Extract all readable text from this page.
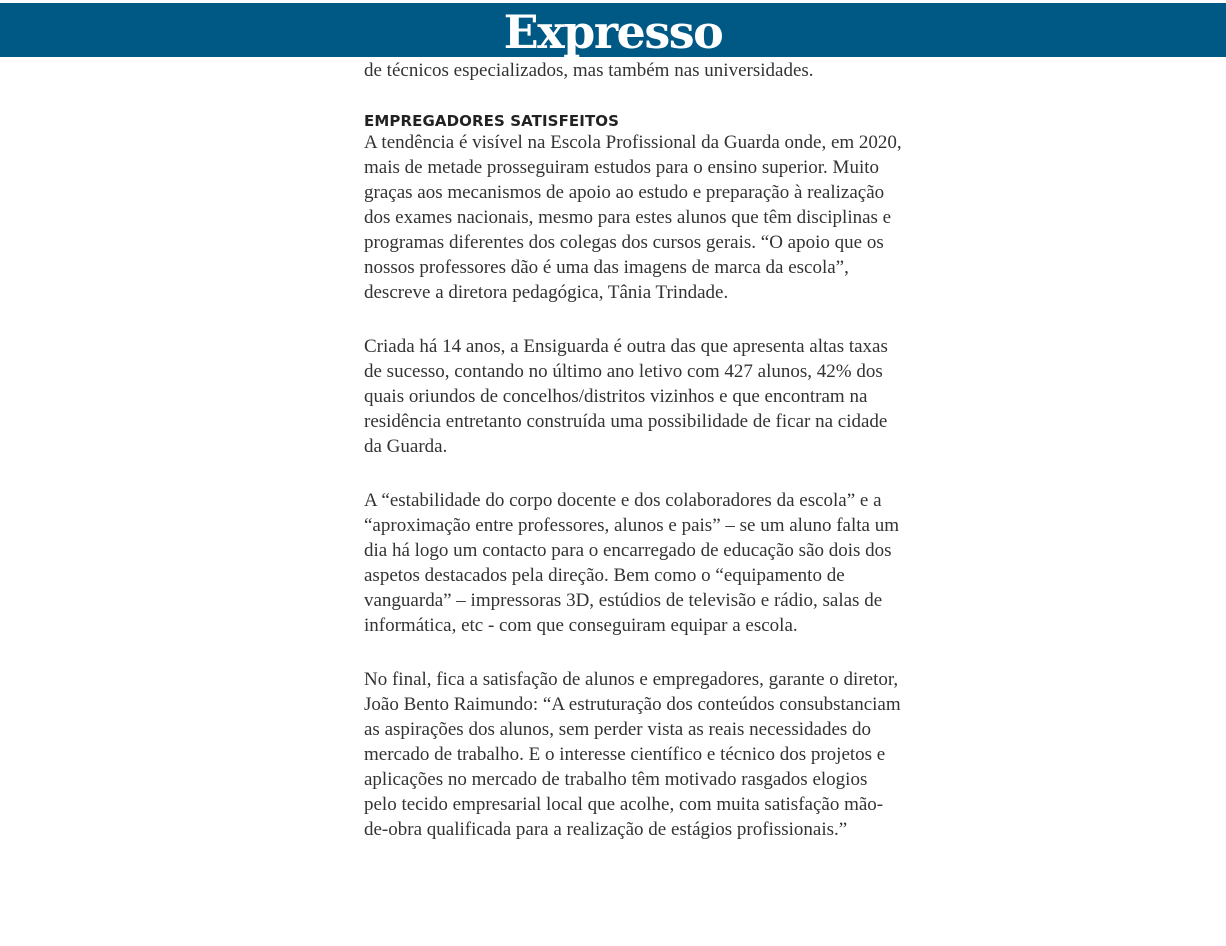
Expresso

de técnicos especializados, mas também nas universidades.

EMPREGADORES SATISFEITOS

A tendência é visível na Escola Profissional da Guarda onde, em 2020, mais de metade prosseguiram estudos para o ensino superior. Muito graças aos mecanismos de apoio ao estudo e preparação à realização dos exames nacionais, mesmo para estes alunos que têm disciplinas e programas diferentes dos colegas dos cursos gerais. “O apoio que os nossos professores dão é uma das imagens de marca da escola”, descreve a diretora pedagógica, Tânia Trindade.

Criada há 14 anos, a Ensiguarda é outra das que apresenta altas taxas de sucesso, contando no último ano letivo com 427 alunos, 42% dos quais oriundos de concelhos/distritos vizinhos e que encontram na residência entretanto construída uma possibilidade de ficar na cidade da Guarda.

A “estabilidade do corpo docente e dos colaboradores da escola” e a “aproximação entre professores, alunos e pais” – se um aluno falta um dia há logo um contacto para o encarregado de educação são dois dos aspetos destacados pela direção. Bem como o “equipamento de vanguarda” – impressoras 3D, estúdios de televisão e rádio, salas de informática, etc - com que conseguiram equipar a escola.

No final, fica a satisfação de alunos e empregadores, garante o diretor, João Bento Raimundo: “A estruturação dos conteúdos consubstanciam as aspirações dos alunos, sem perder vista as reais necessidades do mercado de trabalho. E o interesse científico e técnico dos projetos e aplicações no mercado de trabalho têm motivado rasgados elogios pelo tecido empresarial local que acolhe, com muita satisfação mão-de-obra qualificada para a realização de estágios profissionais.”
